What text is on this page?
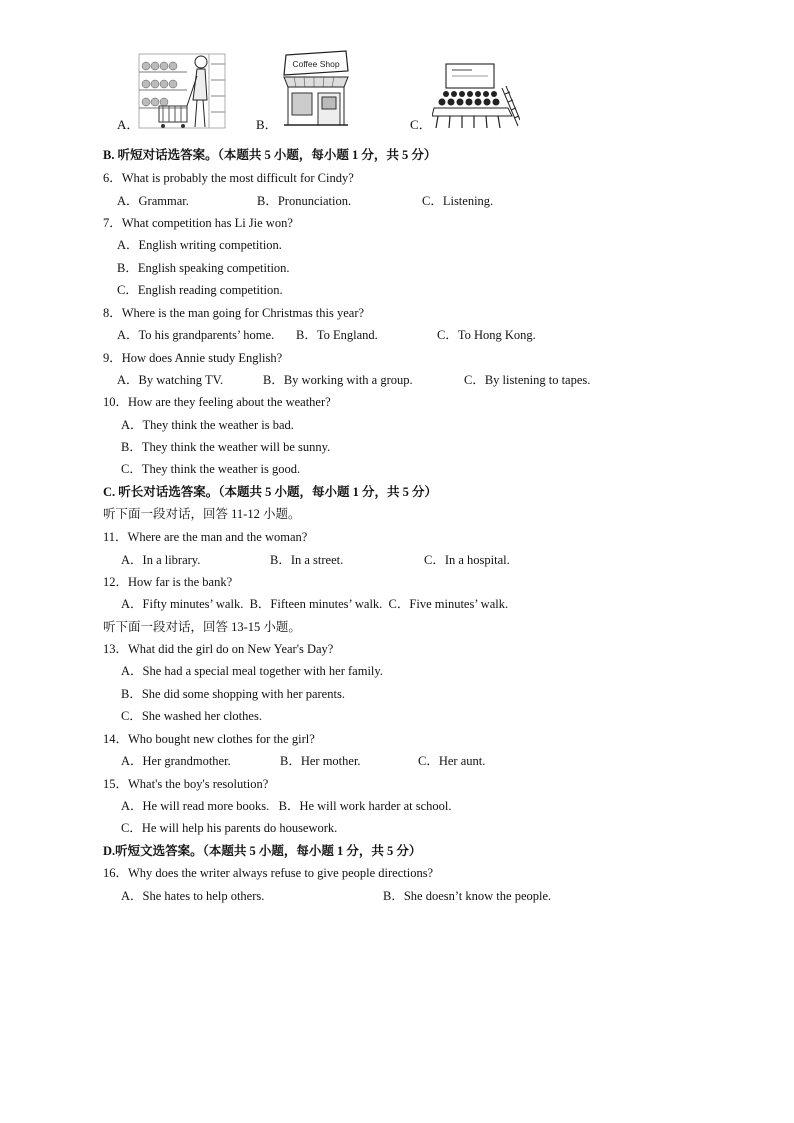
Coffee Shop
A．	B．	C．
B. 听短对话选答案。（本题共 5 小题，每小题 1 分，共 5 分）
6．What is probably the most difficult for Cindy?
A．Grammar.	B．Pronunciation.	C．Listening.
7．What competition has Li Jie won?
A．English writing competition.
B．English speaking competition.
C．English reading competition.
8．Where is the man going for Christmas this year?
A．To his grandparents’ home. B．To England.	C．To Hong Kong.
9．How does Annie study English?
A．By watching TV.	B．By working with a group.	C．By listening to tapes.
10．How are they feeling about the weather?
A．They think the weather is bad.
B．They think the weather will be sunny.
C．They think the weather is good.
C. 听长对话选答案。（本题共 5 小题，每小题 1 分，共 5 分）
听下面一段对话，回答 11-12 小题。
11．Where are the man and the woman?
A．In a library.	B．In a street.	C．In a hospital.
12．How far is the bank?
A．Fifty minutes’ walk.  B．Fifteen minutes’ walk.  C．Five minutes’ walk.
听下面一段对话，回答 13-15 小题。
13．What did the girl do on New Year's Day?
A．She had a special meal together with her family.
B．She did some shopping with her parents.
C．She washed her clothes.
14．Who bought new clothes for the girl?
A．Her grandmother.	B．Her mother.	C．Her aunt.
15．What's the boy's resolution?
A．He will read more books.   B．He will work harder at school.
C．He will help his parents do housework.
D.听短文选答案。（本题共 5 小题，每小题 1 分，共 5 分）
16．Why does the writer always refuse to give people directions?
A．She hates to help others.	B．She doesn’t know the people.
